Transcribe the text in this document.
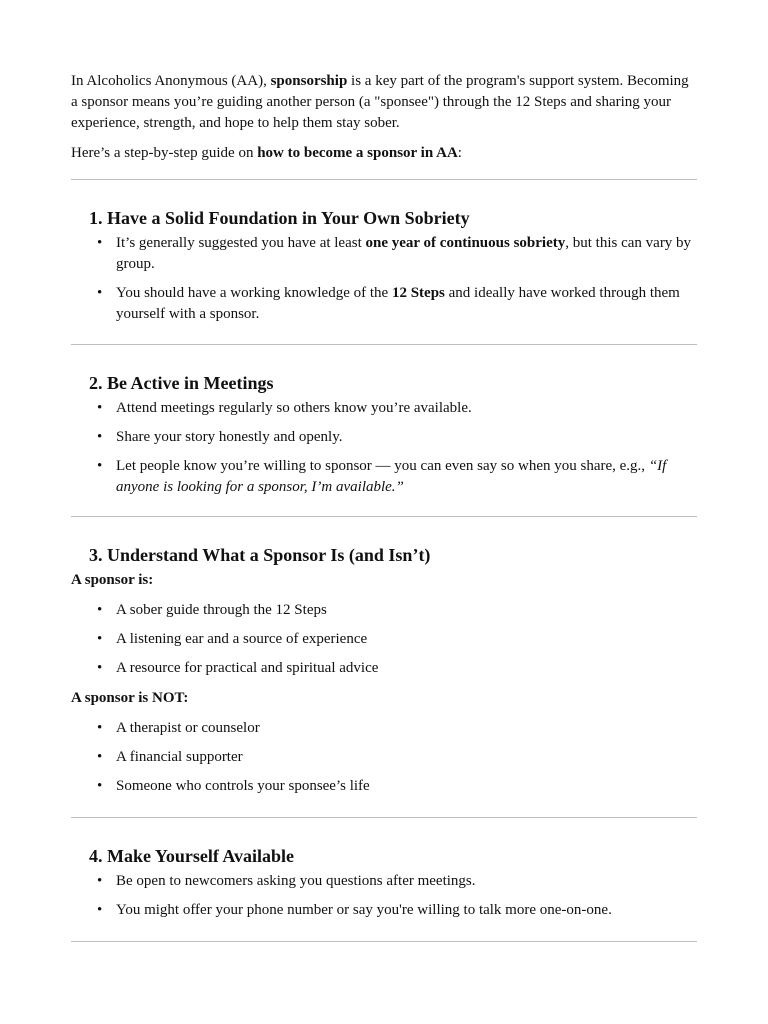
In Alcoholics Anonymous (AA), sponsorship is a key part of the program's support system. Becoming a sponsor means you’re guiding another person (a "sponsee") through the 12 Steps and sharing your experience, strength, and hope to help them stay sober.

Here’s a step-by-step guide on how to become a sponsor in AA:

1. Have a Solid Foundation in Your Own Sobriety
• It’s generally suggested you have at least one year of continuous sobriety, but this can vary by group.
• You should have a working knowledge of the 12 Steps and ideally have worked through them yourself with a sponsor.
2. Be Active in Meetings
• Attend meetings regularly so others know you’re available.
• Share your story honestly and openly.
• Let people know you’re willing to sponsor — you can even say so when you share, e.g., “If anyone is looking for a sponsor, I’m available.”
3. Understand What a Sponsor Is (and Isn’t)
A sponsor is:
• A sober guide through the 12 Steps
• A listening ear and a source of experience
• A resource for practical and spiritual advice
A sponsor is NOT:
• A therapist or counselor
• A financial supporter
• Someone who controls your sponsee’s life
4. Make Yourself Available
• Be open to newcomers asking you questions after meetings.
• You might offer your phone number or say you're willing to talk more one-on-one.
